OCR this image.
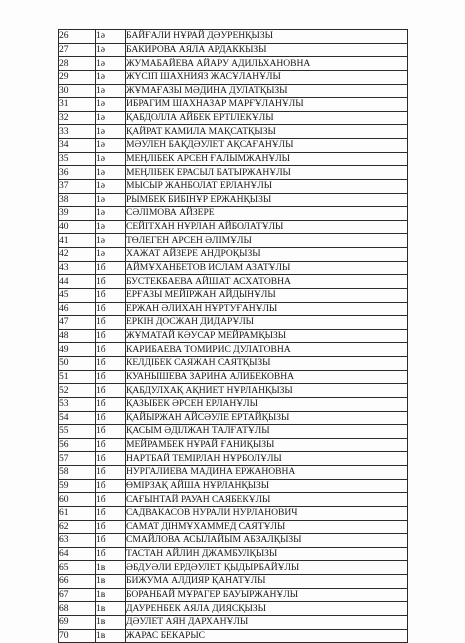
26	1ә	БАЙҒАЛИ НҰРАЙ ДӘУРЕНҚЫЗЫ
27	1ә	БАКИРОВА АЯЛА АРДАККЫЗЫ
28	1ә	ЖУМАБАЙЕВА АЙАРУ АДИЛЬХАНОВНА
29	1ә	ЖҮСІП ШАХНИЯЗ ЖАСҰЛАНҰЛЫ
30	1ә	ЖҰМАҒАЗЫ МӘДИНА ДУЛАТҚЫЗЫ
31	1ә	ИБРАГИМ ШАХНАЗАР МАРҒҰЛАНҰЛЫ
32	1ә	ҚАБДОЛЛА АЙБЕК ЕРТІЛЕКҰЛЫ
33	1ә	ҚАЙРАТ КАМИЛА МАҚСАТҚЫЗЫ
34	1ә	МӘУЛЕН БАҚДӘУЛЕТ АҚСАҒАНҰЛЫ
35	1ә	МЕҢЛІБЕК АРСЕН ҒАЛЫМЖАНҰЛЫ
36	1ә	МЕҢЛІБЕК ЕРАСЫЛ БАТЫРЖАНҰЛЫ
37	1ә	МЫСЫР ЖАНБОЛАТ ЕРЛАНҰЛЫ
38	1ә	РЫМБЕК БИБІНҰР ЕРЖАНҚЫЗЫ
39	1ә	СӘЛІМОВА АЙЗЕРЕ
40	1ә	СЕЙІТХАН НҰРЛАН АЙБОЛАТҰЛЫ
41	1ә	ТӨЛЕГЕН АРСЕН ӘЛІМҰЛЫ
42	1ә	ХАЖАТ АЙЗЕРЕ АНДРОҚЫЗЫ
43	1б	АЙМҰХАНБЕТОВ ИСЛАМ АЗАТҰЛЫ
44	1б	БУСТЕКБАЕВА АЙШАТ АСХАТОВНА
45	1б	ЕРҒАЗЫ МЕЙІРЖАН АЙДЫНҰЛЫ
46	1б	ЕРЖАН ӘЛИХАН НҰРТУҒАНҰЛЫ
47	1б	ЕРКІН ДОСЖАН ДИДАРҰЛЫ
48	1б	ЖҰМАТАЙ КӘУСАР МЕЙРАМҚЫЗЫ
49	1б	КАРИБАЕВА ТОМИРИС ДУЛАТОВНА
50	1б	КЕЛДІБЕК САЯЖАН САЯТҚЫЗЫ
51	1б	КУАНЫШЕВА ЗАРИНА АЛИБЕКОВНА
52	1б	ҚАБДУЛХАҚ АҚНИЕТ НҰРЛАНҚЫЗЫ
53	1б	ҚАЗЫБЕК ӘРСЕН ЕРЛАНҰЛЫ
54	1б	ҚАЙЫРЖАН АЙСӘУЛЕ ЕРТАЙҚЫЗЫ
55	1б	ҚАСЫМ ӘДІЛЖАН ТАЛҒАТҰЛЫ
56	1б	МЕЙРАМБЕК НҰРАЙ ҒАНИҚЫЗЫ
57	1б	НАРТБАЙ ТЕМІРЛАН НҰРБОЛҰЛЫ
58	1б	НУРГАЛИЕВА МАДИНА ЕРЖАНОВНА
59	1б	ӨМІРЗАҚ АЙША НҰРЛАНҚЫЗЫ
60	1б	САҒЫНТАЙ РАУАН САЯБЕКҰЛЫ
61	1б	САДВАКАСОВ НУРАЛИ НУРЛАНОВИЧ
62	1б	САМАТ ДІНМҰХАММЕД САЯТҰЛЫ
63	1б	СМАЙЛОВА АСЫЛАЙЫМ АБЗАЛҚЫЗЫ
64	1б	ТАСТАН АЙЛИН ДЖАМБУЛҚЫЗЫ
65	1в	ӘБДУӘЛИ ЕРДӘУЛЕТ ҚЫДЫРБАЙҰЛЫ
66	1в	БИЖУМА АЛДИЯР ҚАНАТҰЛЫ
67	1в	БОРАНБАЙ МҰРАГЕР БАУЫРЖАНҰЛЫ
68	1в	ДАУРЕНБЕК АЯЛА ДИЯСҚЫЗЫ
69	1в	ДӘУЛЕТ АЯН ДАРХАНҰЛЫ
70	1в	ЖАРАС БЕКАРЫС
